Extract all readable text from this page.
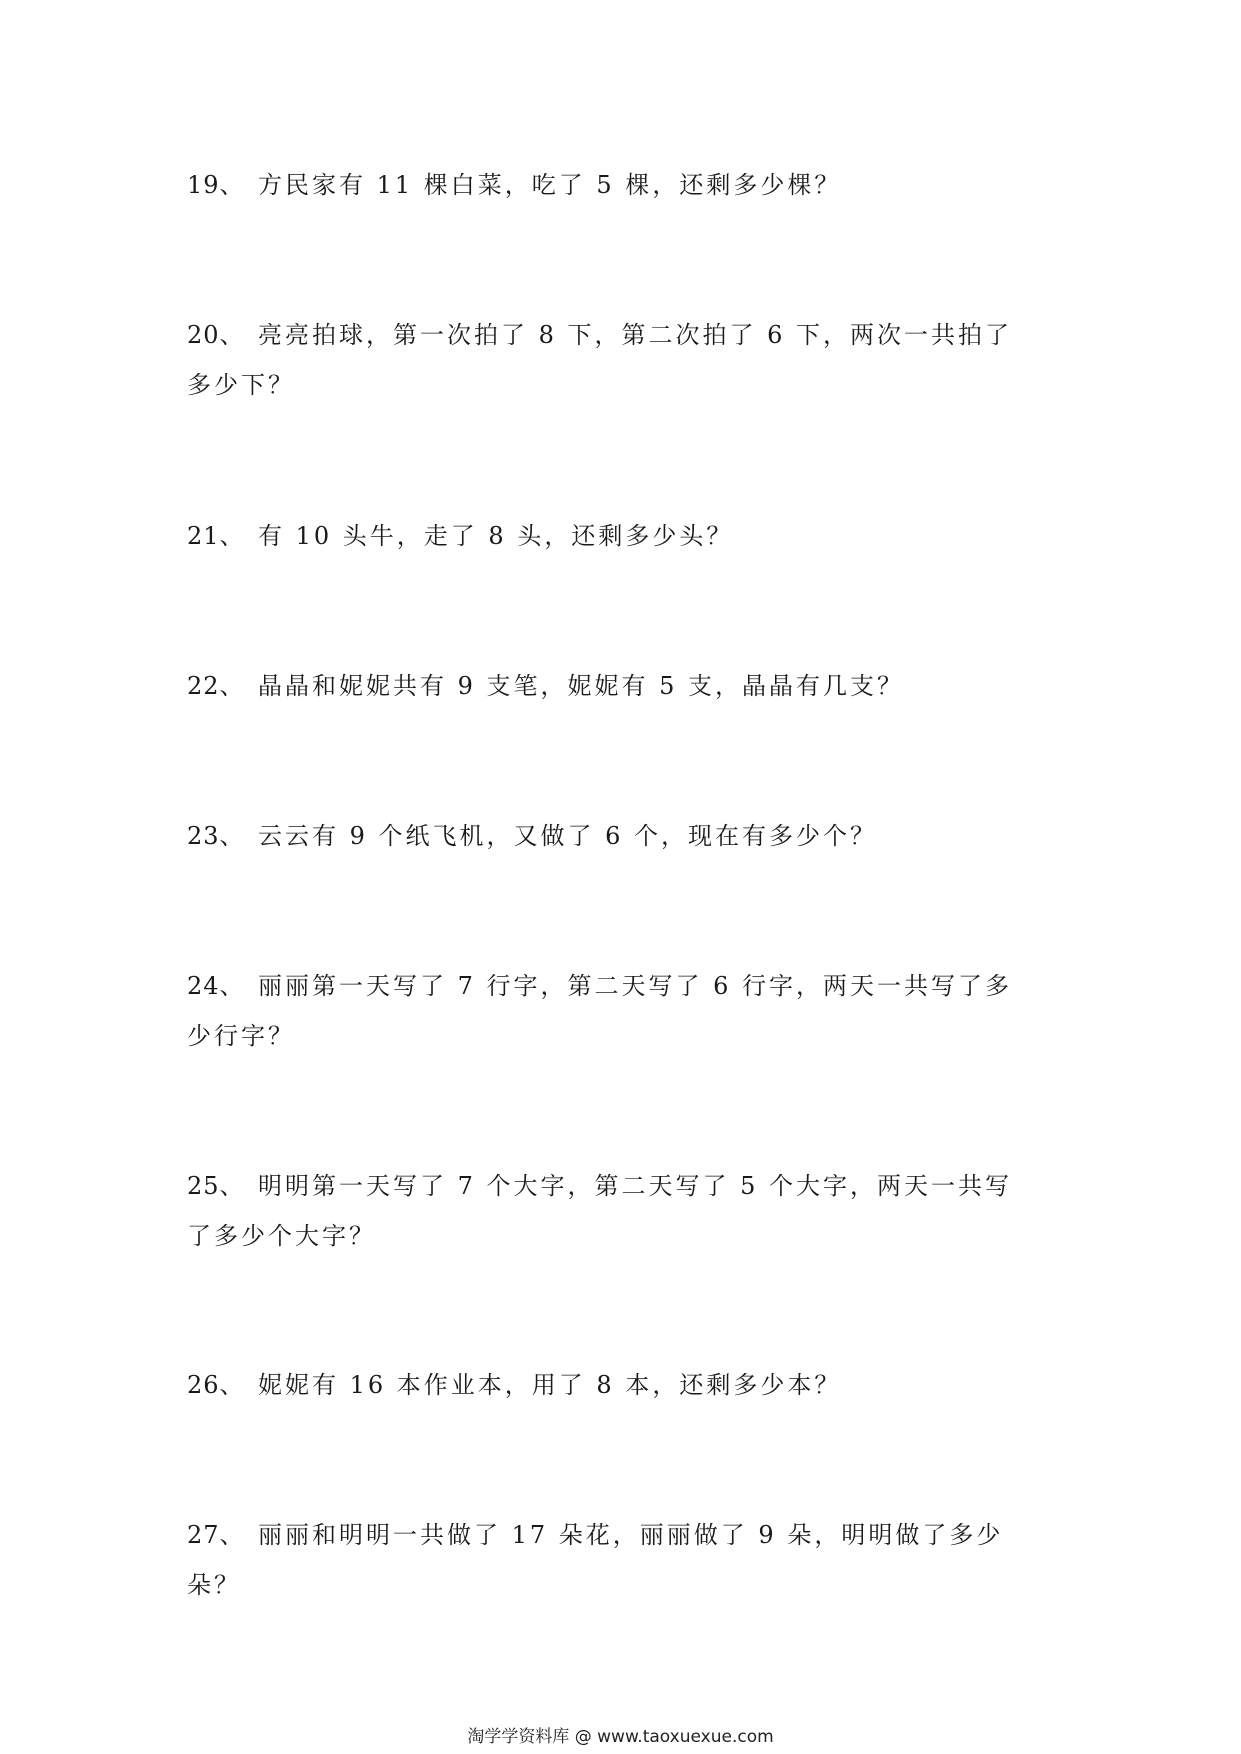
19、 方民家有 11 棵白菜，吃了 5 棵，还剩多少棵？
20、 亮亮拍球，第一次拍了 8 下，第二次拍了 6 下，两次一共拍了多少下？
21、 有 10 头牛，走了 8 头，还剩多少头？
22、 晶晶和妮妮共有 9 支笔，妮妮有 5 支，晶晶有几支？
23、 云云有 9 个纸飞机，又做了 6 个，现在有多少个？
24、 丽丽第一天写了 7 行字，第二天写了 6 行字，两天一共写了多少行字？
25、 明明第一天写了 7 个大字，第二天写了 5 个大字，两天一共写了多少个大字？
26、 妮妮有 16 本作业本，用了 8 本，还剩多少本？
27、 丽丽和明明一共做了 17 朵花，丽丽做了 9 朵，明明做了多少朵？
淘学学资料库 @ www.taoxuexue.com
